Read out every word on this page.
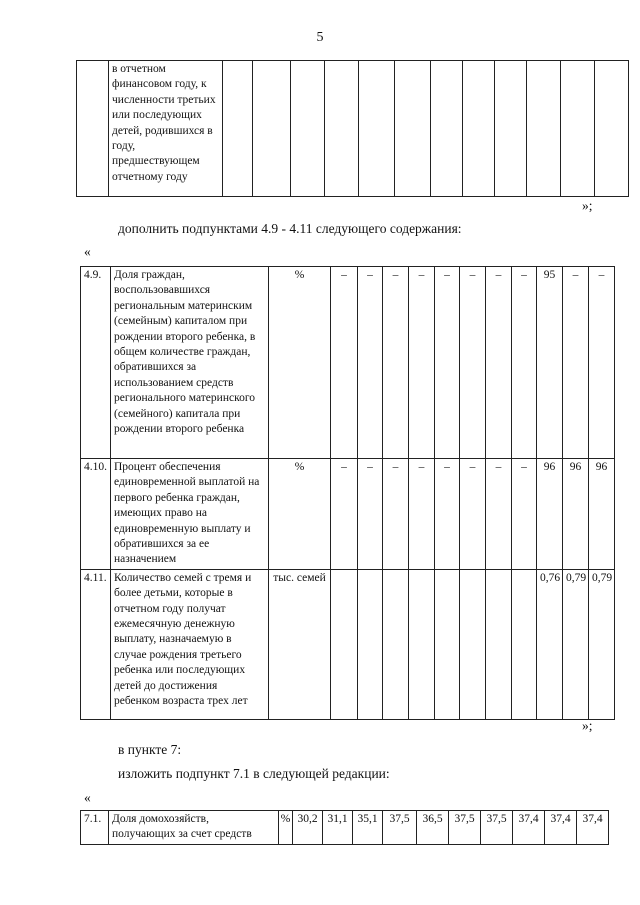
5
	в отчетном финансовом году, к численности третьих или последующих детей, родившихся в году, предшествующем отчетному году												
»;
дополнить подпунктами 4.9 - 4.11 следующего содержания:
«
4.9.	Доля граждан, воспользовавшихся региональным материнским (семейным) капиталом при рождении второго ребенка, в общем количестве граждан, обратившихся за использованием средств регионального материнского (семейного) капитала при рождении второго ребенка	%	–	–	–	–	–	–	–	–	95	–	–
4.10.	Процент обеспечения единовременной выплатой на первого ребенка граждан, имеющих право на единовременную выплату и обратившихся за ее назначением	%	–	–	–	–	–	–	–	–	96	96	96
4.11.	Количество семей с тремя и более детьми, которые в отчетном году получат ежемесячную денежную выплату, назначаемую в случае рождения третьего ребенка или последующих детей до достижения ребенком возраста трех лет	тыс. семей									0,76	0,79	0,79
»;
в пункте 7:
изложить подпункт 7.1 в следующей редакции:
«
7.1.	Доля домохозяйств, получающих за счет средств	%	30,2	31,1	35,1	37,5	36,5	37,5	37,5	37,4	37,4	37,4
